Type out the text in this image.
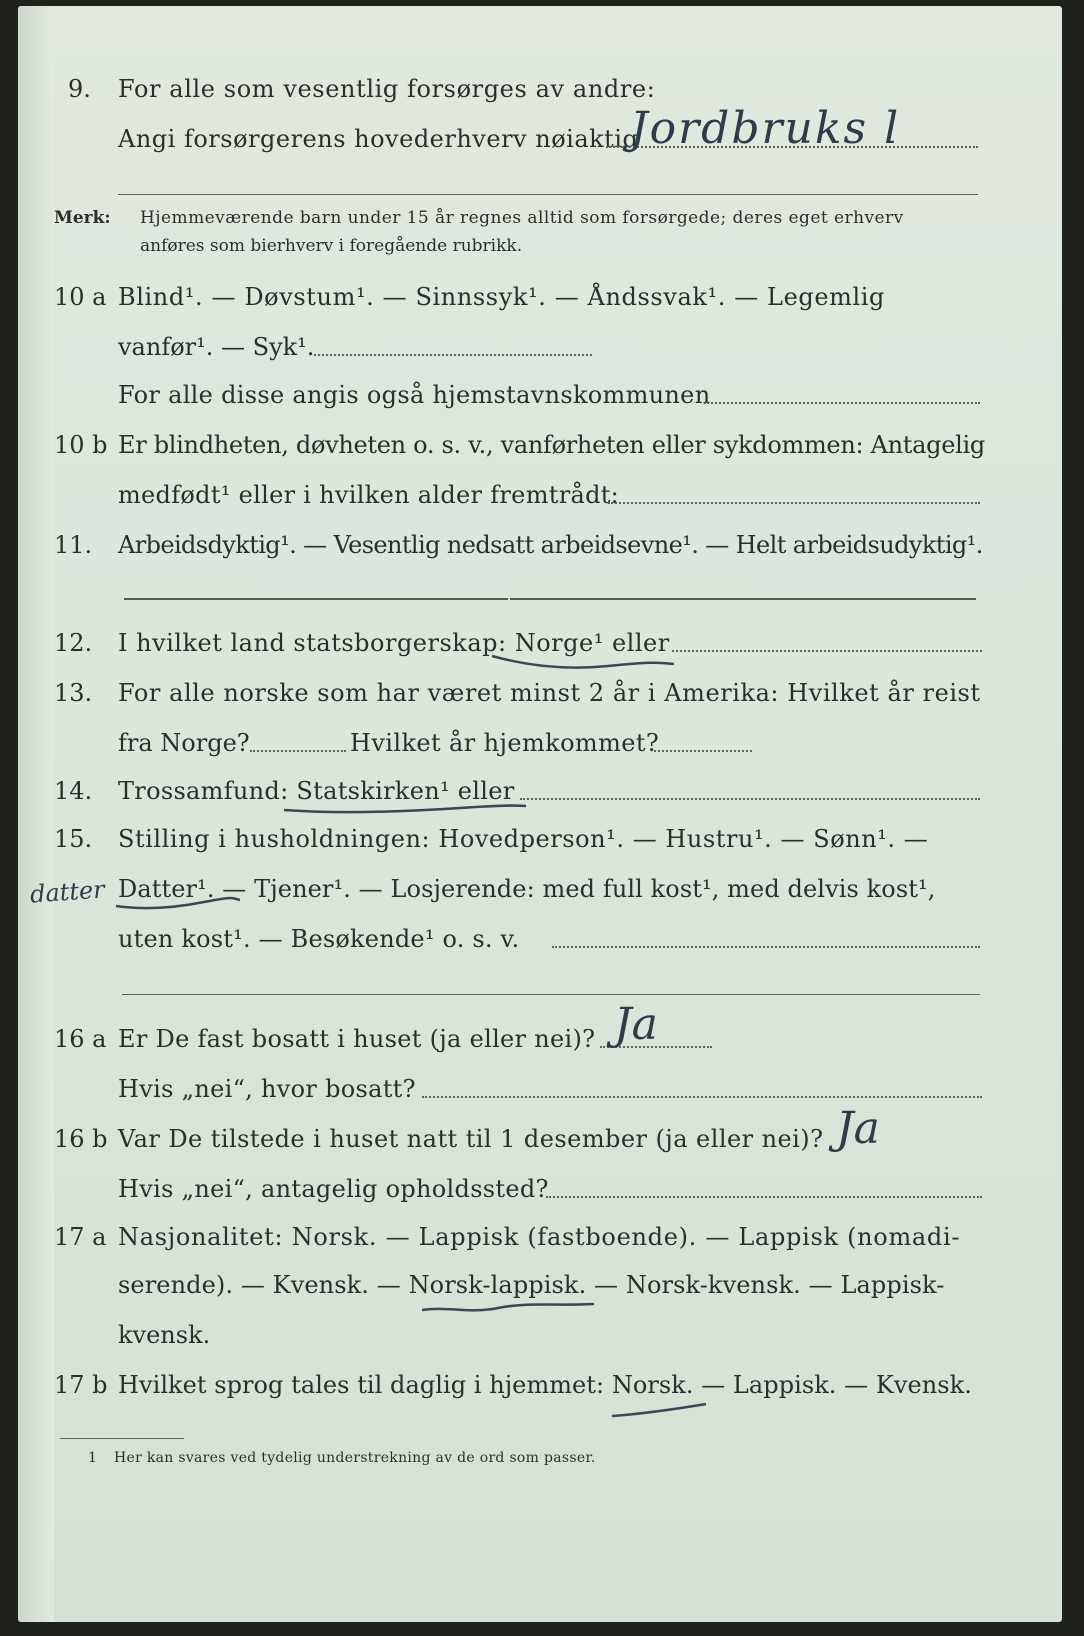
9. For alle som vesentlig forsørges av andre:

Angi forsørgerens hovederhverv nøiaktig

Jordbruks l

Merk: Hjemmeværende barn under 15 år regnes alltid som forsørgede; deres eget erhverv

anføres som bierhverv i foregående rubrikk.

10 a Blind¹. — Døvstum¹. — Sinnssyk¹. — Åndssvak¹. — Legemlig

vanfør¹. — Syk¹.

For alle disse angis også hjemstavnskommunen

10 b Er blindheten, døvheten o. s. v., vanførheten eller sykdommen: Antagelig

medfødt¹ eller i hvilken alder fremtrådt:

11. Arbeidsdyktig¹. — Vesentlig nedsatt arbeidsevne¹. — Helt arbeidsudyktig¹.

12. I hvilket land statsborgerskap: Norge¹ eller

13. For alle norske som har været minst 2 år i Amerika: Hvilket år reist

fra Norge?	Hvilket år hjemkommet?

14. Trossamfund: Statskirken¹ eller

15. Stilling i husholdningen: Hovedperson¹. — Hustru¹. — Sønn¹. —

Datter¹. — Tjener¹. — Losjerende: med full kost¹, med delvis kost¹,

uten kost¹. — Besøkende¹ o. s. v.

datter

16 a Er De fast bosatt i huset (ja eller nei)? Ja

Hvis „nei“, hvor bosatt?

16 b Var De tilstede i huset natt til 1 desember (ja eller nei)? Ja

Hvis „nei“, antagelig opholdssted?

17 a Nasjonalitet: Norsk. — Lappisk (fastboende). — Lappisk (nomadi-

serende). — Kvensk. — Norsk-lappisk. — Norsk-kvensk. — Lappisk-

kvensk.

17 b Hvilket sprog tales til daglig i hjemmet: Norsk. — Lappisk. — Kvensk.

1 Her kan svares ved tydelig understrekning av de ord som passer.
